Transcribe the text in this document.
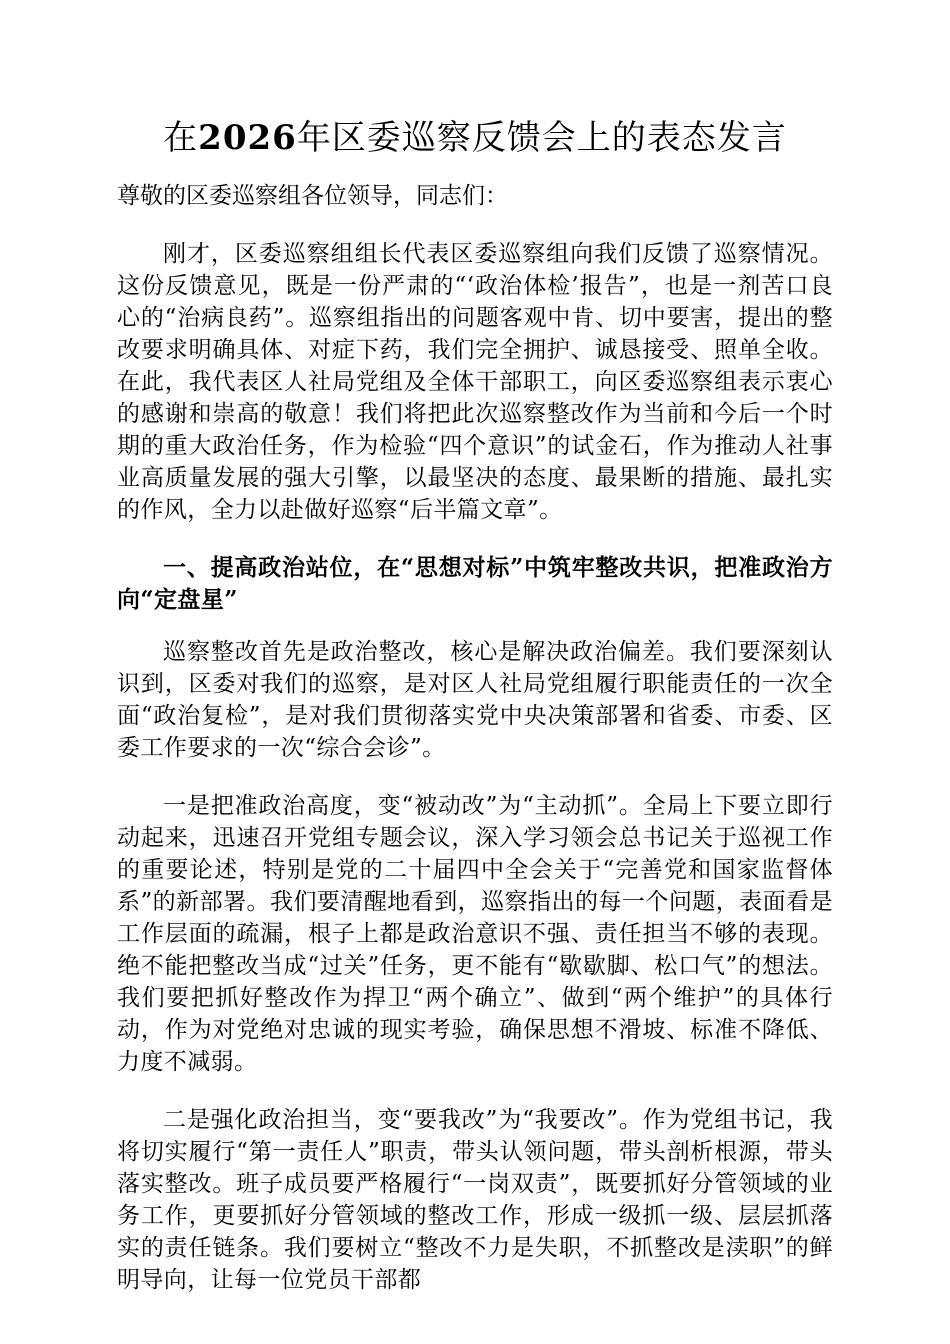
在2026年区委巡察反馈会上的表态发言

尊敬的区委巡察组各位领导，同志们：

刚才，区委巡察组组长代表区委巡察组向我们反馈了巡察情况。这份反馈意见，既是一份严肃的“‘政治体检’报告”，也是一剂苦口良心的“治病良药”。巡察组指出的问题客观中肯、切中要害，提出的整改要求明确具体、对症下药，我们完全拥护、诚恳接受、照单全收。在此，我代表区人社局党组及全体干部职工，向区委巡察组表示衷心的感谢和崇高的敬意！我们将把此次巡察整改作为当前和今后一个时期的重大政治任务，作为检验“四个意识”的试金石，作为推动人社事业高质量发展的强大引擎，以最坚决的态度、最果断的措施、最扎实的作风，全力以赴做好巡察“后半篇文章”。

一、提高政治站位，在“思想对标”中筑牢整改共识，把准政治方向“定盘星”

巡察整改首先是政治整改，核心是解决政治偏差。我们要深刻认识到，区委对我们的巡察，是对区人社局党组履行职能责任的一次全面“政治复检”，是对我们贯彻落实党中央决策部署和省委、市委、区委工作要求的一次“综合会诊”。

一是把准政治高度，变“被动改”为“主动抓”。全局上下要立即行动起来，迅速召开党组专题会议，深入学习领会总书记关于巡视工作的重要论述，特别是党的二十届四中全会关于“完善党和国家监督体系”的新部署。我们要清醒地看到，巡察指出的每一个问题，表面看是工作层面的疏漏，根子上都是政治意识不强、责任担当不够的表现。绝不能把整改当成“过关”任务，更不能有“歇歇脚、松口气”的想法。我们要把抓好整改作为捍卫“两个确立”、做到“两个维护”的具体行动，作为对党绝对忠诚的现实考验，确保思想不滑坡、标准不降低、力度不减弱。

二是强化政治担当，变“要我改”为“我要改”。作为党组书记，我将切实履行“第一责任人”职责，带头认领问题，带头剖析根源，带头落实整改。班子成员要严格履行“一岗双责”，既要抓好分管领域的业务工作，更要抓好分管领域的整改工作，形成一级抓一级、层层抓落实的责任链条。我们要树立“整改不力是失职，不抓整改是渎职”的鲜明导向，让每一位党员干部都
